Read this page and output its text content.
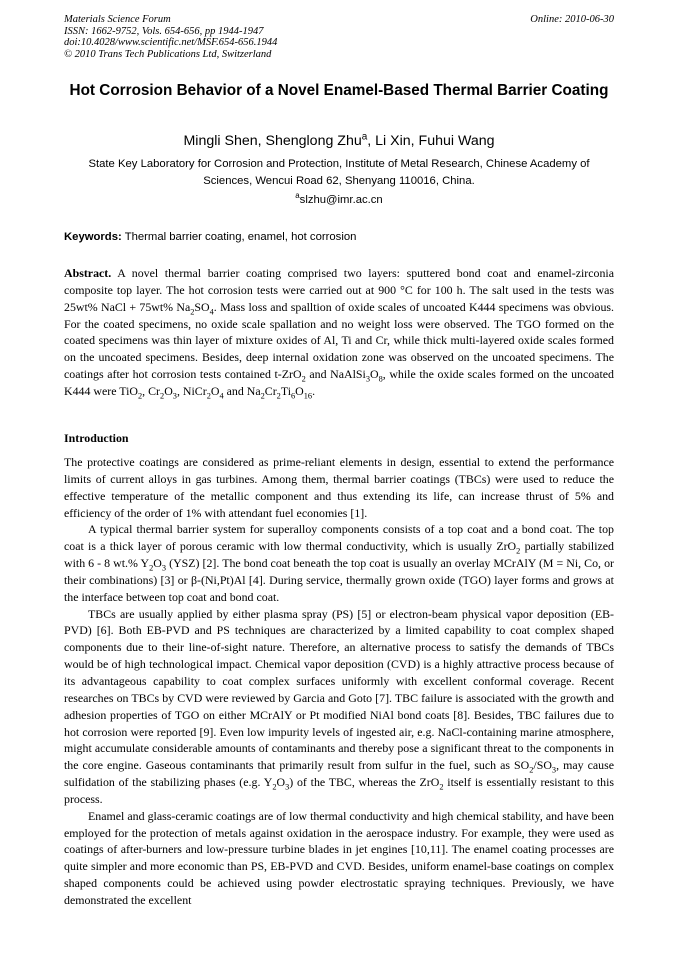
Materials Science Forum
ISSN: 1662-9752, Vols. 654-656, pp 1944-1947
doi:10.4028/www.scientific.net/MSF.654-656.1944
© 2010 Trans Tech Publications Ltd, Switzerland
Online: 2010-06-30
Hot Corrosion Behavior of a Novel Enamel-Based Thermal Barrier Coating
Mingli Shen, Shenglong Zhu$^a$, Li Xin, Fuhui Wang
State Key Laboratory for Corrosion and Protection, Institute of Metal Research, Chinese Academy of Sciences, Wencui Road 62, Shenyang 110016, China.
$^a$slzhu@imr.ac.cn
Keywords: Thermal barrier coating, enamel, hot corrosion

Abstract. A novel thermal barrier coating comprised two layers: sputtered bond coat and enamel-zirconia composite top layer. The hot corrosion tests were carried out at 900 °C for 100 h. The salt used in the tests was 25wt% NaCl + 75wt% $Na_2SO_4$. Mass loss and spalltion of oxide scales of uncoated K444 specimens was obvious. For the coated specimens, no oxide scale spallation and no weight loss were observed. The TGO formed on the coated specimens was thin layer of mixture oxides of Al, Ti and Cr, while thick multi-layered oxide scales formed on the uncoated specimens. Besides, deep internal oxidation zone was observed on the uncoated specimens. The coatings after hot corrosion tests contained t-ZrO$_2$ and $NaAlSi_3O_8$, while the oxide scales formed on the uncoated K444 were TiO$_2$, $Cr_2O_3$, $NiCr_2O_4$ and $Na_2Cr_2Ti_6O_{16}$.

Introduction

The protective coatings are considered as prime-reliant elements in design, essential to extend the performance limits of current alloys in gas turbines. Among them, thermal barrier coatings (TBCs) were used to reduce the effective temperature of the metallic component and thus extending its life, can increase thrust of 5% and efficiency of the order of 1% with attendant fuel economies [1].

A typical thermal barrier system for superalloy components consists of a top coat and a bond coat. The top coat is a thick layer of porous ceramic with low thermal conductivity, which is usually ZrO$_2$ partially stabilized with 6 - 8 wt.% $Y_2O_3$ (YSZ) [2]. The bond coat beneath the top coat is usually an overlay MCrAlY (M = Ni, Co, or their combinations) [3] or β-(Ni,Pt)Al [4]. During service, thermally grown oxide (TGO) layer forms and grows at the interface between top coat and bond coat.

TBCs are usually applied by either plasma spray (PS) [5] or electron-beam physical vapor deposition (EB-PVD) [6]. Both EB-PVD and PS techniques are characterized by a limited capability to coat complex shaped components due to their line-of-sight nature. Therefore, an alternative process to satisfy the demands of TBCs would be of high technological impact. Chemical vapor deposition (CVD) is a highly attractive process because of its advantageous capability to coat complex surfaces uniformly with excellent conformal coverage. Recent researches on TBCs by CVD were reviewed by Garcia and Goto [7]. TBC failure is associated with the growth and adhesion properties of TGO on either MCrAlY or Pt modified NiAl bond coats [8]. Besides, TBC failures due to hot corrosion were reported [9]. Even low impurity levels of ingested air, e.g. NaCl-containing marine atmosphere, might accumulate considerable amounts of contaminants and thereby pose a significant threat to the components in the core engine. Gaseous contaminants that primarily result from sulfur in the fuel, such as $SO_2/SO_3$, may cause sulfidation of the stabilizing phases (e.g. $Y_2O_3$) of the TBC, whereas the ZrO$_2$ itself is essentially resistant to this process.

Enamel and glass-ceramic coatings are of low thermal conductivity and high chemical stability, and have been employed for the protection of metals against oxidation in the aerospace industry. For example, they were used as coatings of after-burners and low-pressure turbine blades in jet engines [10,11]. The enamel coating processes are quite simpler and more economic than PS, EB-PVD and CVD. Besides, uniform enamel-base coatings on complex shaped components could be achieved using powder electrostatic spraying techniques. Previously, we have demonstrated the excellent
